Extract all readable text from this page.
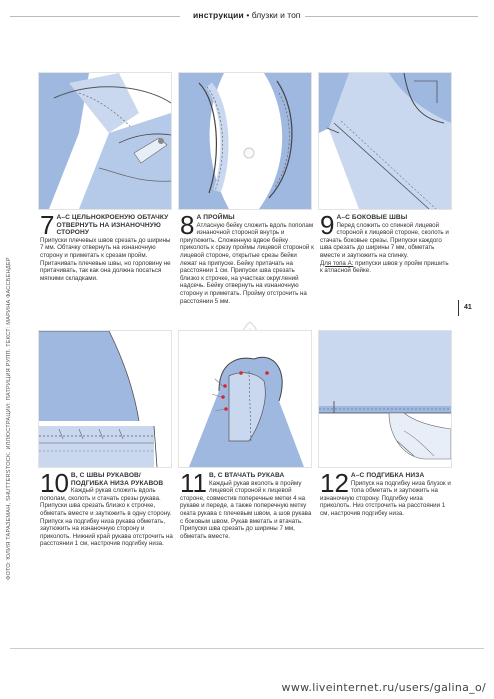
инструкции • блузки и топ
ФОТО: ЮЛИЯ ТАРАЗЕМАН, SHUTTERSTOCK. ИЛЛЮСТРАЦИИ: ПАТРИЦИЯ РУПП. ТЕКСТ: МАРИНА ФАССБЕНДЕР
7 А–С ЦЕЛЬНОКРОЕНУЮ ОБТАЧКУ ОТВЕРНУТЬ НА ИЗНАНОЧНУЮ СТОРОНУ
Припуски плечевых швов срезать до ширины 7 мм. Обтачку отвернуть на изнаночную сторону и приметать к срезам пройм. Притачивать плечевые швы, но горловину не притачивать, так как она должна посаться мягкими складками.
8 А ПРОЙМЫ
Атласную бейку сложить вдоль пополам изнаночной стороной внутрь и приутюжить. Сложенную вдвое бейку приколоть к срезу проймы лицевой стороной к лицевой стороне, открытые срезы бейки лежат на припуске. Бейку притачать на расстоянии 1 см. Припуски шва срезать близко к строчке, на участках округлений надсечь. Бейку отвернуть на изнаночную сторону и приметать. Пройму отстрочить на расстоянии 5 мм.
9 А–С БОКОВЫЕ ШВЫ
Перед сложить со спинкой лицевой стороной к лицевой стороне, сколоть и стачать боковые срезы. Припуски каждого шва срезать до ширины 7 мм, обметать вместе и заутюжить на спинку.
Для топа А: припуски швов у пройм пришить к атласной бейке.
41
10 В, С ШВЫ РУКАВОВ/ПОДГИБКА НИЗА РУКАВОВ
Каждый рукав сложить вдоль пополам, сколоть и стачать срезы рукава. Припуски шва срезать близко к строчке, обметать вместе и заутюжить в одну сторону. Припуск на подгибку низа рукава обметать, заутюжить на изнаночную сторону и приколоть. Нижний край рукава отстрочить на расстоянии 1 см, настрочив подгибку низа.
11 В, С ВТАЧАТЬ РУКАВА
Каждый рукав вколоть в пройму лицевой стороной к лицевой стороне, совместив поперечные метки 4 на рукаве и переде, а также поперечную метку оката рукава с плечевым швом, а шов рукава с боковым швом. Рукав вметать и втачать. Припуски шва срезать до ширины 7 мм, обметать вместе.
12 А–С ПОДГИБКА НИЗА
Припуск на подгибку низа блузок и топа обметать и заутюжить на изнаночную сторону. Подгибку низа приколоть. Низ отстрочить на расстоянии 1 см, настрочив подгибку низа.
www.liveinternet.ru/users/galina_o/
